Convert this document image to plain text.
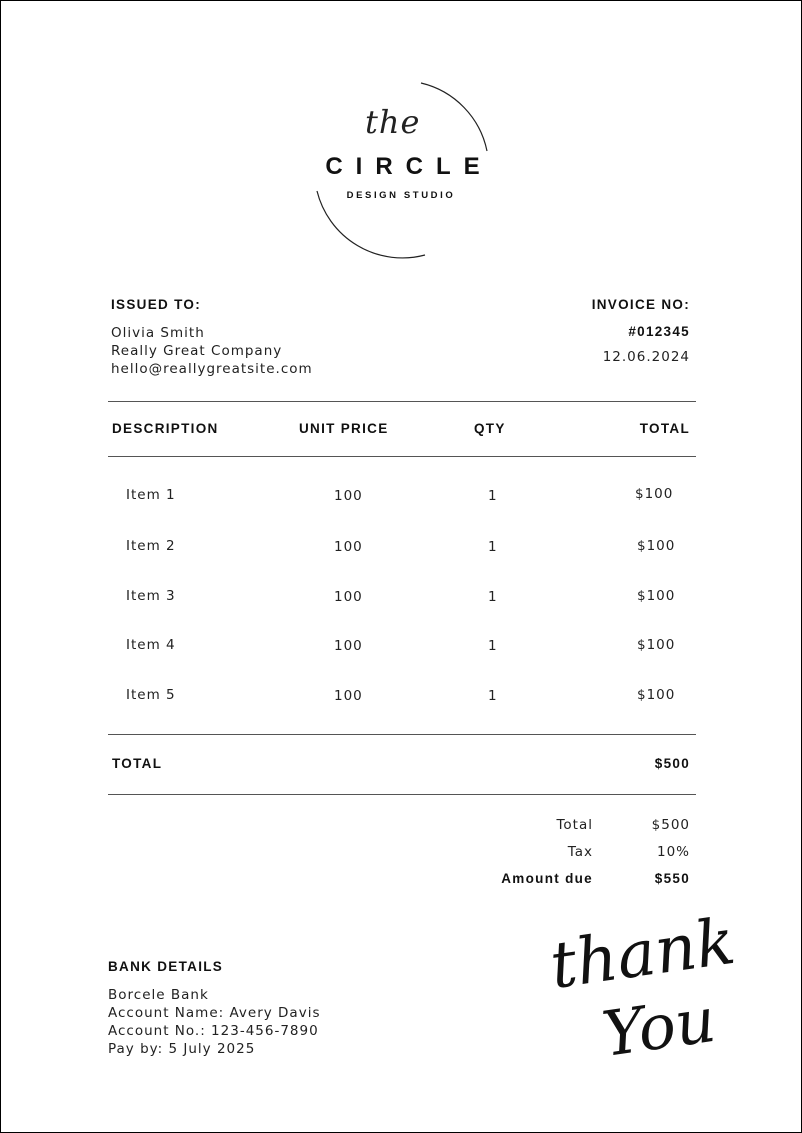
the
CIRCLE
DESIGN STUDIO
ISSUED TO:
Olivia Smith
Really Great Company
hello@reallygreatsite.com
INVOICE NO:
#012345
12.06.2024
DESCRIPTION	UNIT PRICE	QTY	TOTAL
Item 1	100	1	$100
Item 2	100	1	$100
Item 3	100	1	$100
Item 4	100	1	$100
Item 5	100	1	$100
TOTAL	$500
Total	$500
Tax	10%
Amount due	$550
BANK DETAILS
Borcele Bank
Account Name: Avery Davis
Account No.: 123-456-7890
Pay by: 5 July 2025
thank
You
